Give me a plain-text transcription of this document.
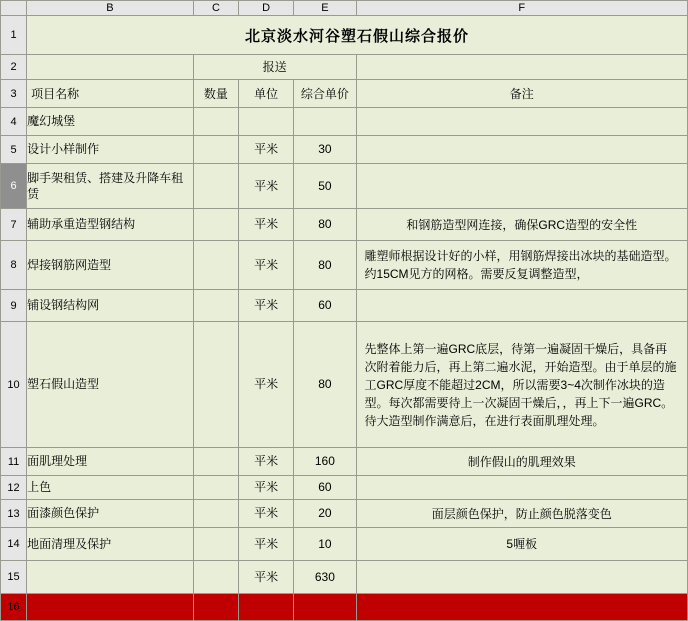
	B	C	D	E	F
1	北京淡水河谷塑石假山综合报价				
2		报送			
3	项目名称	数量	单位	综合单价	备注
4	魔幻城堡				
5	设计小样制作		平米	30	
6	脚手架租赁、搭建及升降车租赁		平米	50	
7	辅助承重造型钢结构		平米	80	和钢筋造型网连接，确保GRC造型的安全性
8	焊接钢筋网造型		平米	80	雕塑师根据设计好的小样，用钢筋焊接出冰块的基础造型。约15CM见方的网格。需要反复调整造型，
9	铺设钢结构网		平米	60	
10	塑石假山造型		平米	80	先整体上第一遍GRC底层，待第一遍凝固干燥后，具备再次附着能力后，再上第二遍水泥，开始造型。由于单层的施工GRC厚度不能超过2CM，所以需要3~4次制作冰块的造型。每次都需要待上一次凝固干燥后，，再上下一遍GRC。待大造型制作满意后，在进行表面肌理处理。
11	面肌理处理		平米	160	制作假山的肌理效果
12	上色		平米	60	
13	面漆颜色保护		平米	20	面层颜色保护，防止颜色脱落变色
14	地面清理及保护		平米	10	5喱板
15			平米	630	
16					
